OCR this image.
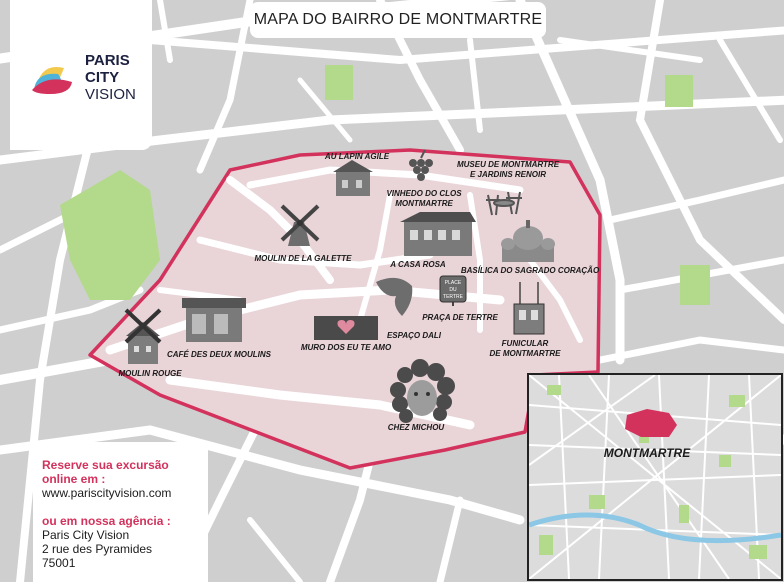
PLACE
DU
TERTRE
AU LAPIN AGILE
VINHEDO DO CLOS
MONTMARTRE
MUSEU DE MONTMARTRE
E JARDINS RENOIR
MOULIN DE LA GALETTE
A CASA ROSA
BASÍLICA DO SAGRADO CORAÇÃO
PRAÇA DE TERTRE
FUNICULAR
DE MONTMARTRE
ESPAÇO DALI
MURO DOS EU TE AMO
CAFÉ DES DEUX MOULINS
MOULIN ROUGE
CHEZ MICHOU
MAPA DO BAIRRO DE MONTMARTRE
PARIS
CITY
VISION
Reserve sua excursão
online em :
www.pariscityvision.com
ou em nossa agência :
Paris City Vision
2 rue des Pyramides
75001
MONTMARTRE
